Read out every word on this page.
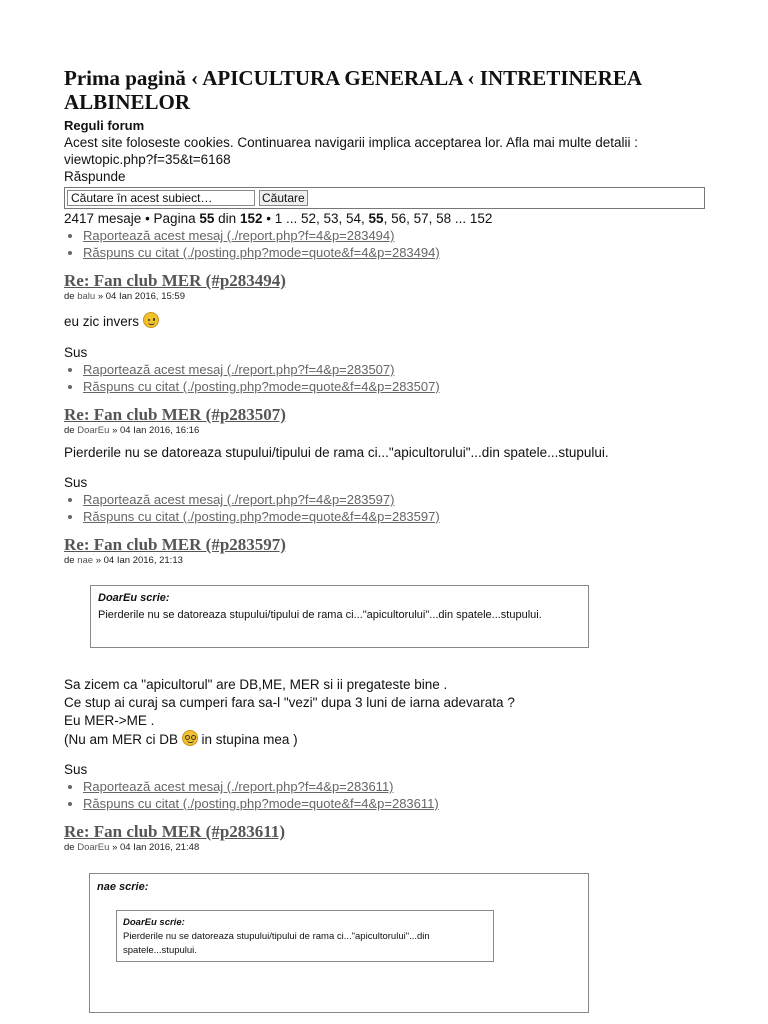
Prima pagină ‹ APICULTURA GENERALA ‹ INTRETINEREA ALBINELOR
Reguli forum
Acest site foloseste cookies. Continuarea navigarii implica acceptarea lor. Afla mai multe detalii :
viewtopic.php?f=35&t=6168
Răspunde
Căutare în acest subiect…
Căutare
2417 mesaje • Pagina 55 din 152 • 1 ... 52, 53, 54, 55, 56, 57, 58 ... 152
• Raportează acest mesaj (./report.php?f=4&p=283494)
• Răspuns cu citat (./posting.php?mode=quote&f=4&p=283494)
Re: Fan club MER (#p283494)
de balu » 04 Ian 2016, 15:59
eu zic invers
Sus
• Raportează acest mesaj (./report.php?f=4&p=283507)
• Răspuns cu citat (./posting.php?mode=quote&f=4&p=283507)
Re: Fan club MER (#p283507)
de DoarEu » 04 Ian 2016, 16:16
Pierderile nu se datoreaza stupului/tipului de rama ci..."apicultorului"...din spatele...stupului.
Sus
• Raportează acest mesaj (./report.php?f=4&p=283597)
• Răspuns cu citat (./posting.php?mode=quote&f=4&p=283597)
Re: Fan club MER (#p283597)
de nae » 04 Ian 2016, 21:13
DoarEu scrie:
Pierderile nu se datoreaza stupului/tipului de rama ci..."apicultorului"...din spatele...stupului.
Sa zicem ca "apicultorul" are DB,ME, MER si ii pregateste bine .
Ce stup ai curaj sa cumperi fara sa-l "vezi" dupa 3 luni de iarna adevarata ?
Eu MER->ME .
(Nu am MER ci DB in stupina mea )
Sus
• Raportează acest mesaj (./report.php?f=4&p=283611)
• Răspuns cu citat (./posting.php?mode=quote&f=4&p=283611)
Re: Fan club MER (#p283611)
de DoarEu » 04 Ian 2016, 21:48
nae scrie:
DoarEu scrie:
Pierderile nu se datoreaza stupului/tipului de rama ci..."apicultorului"...din spatele...stupului.
